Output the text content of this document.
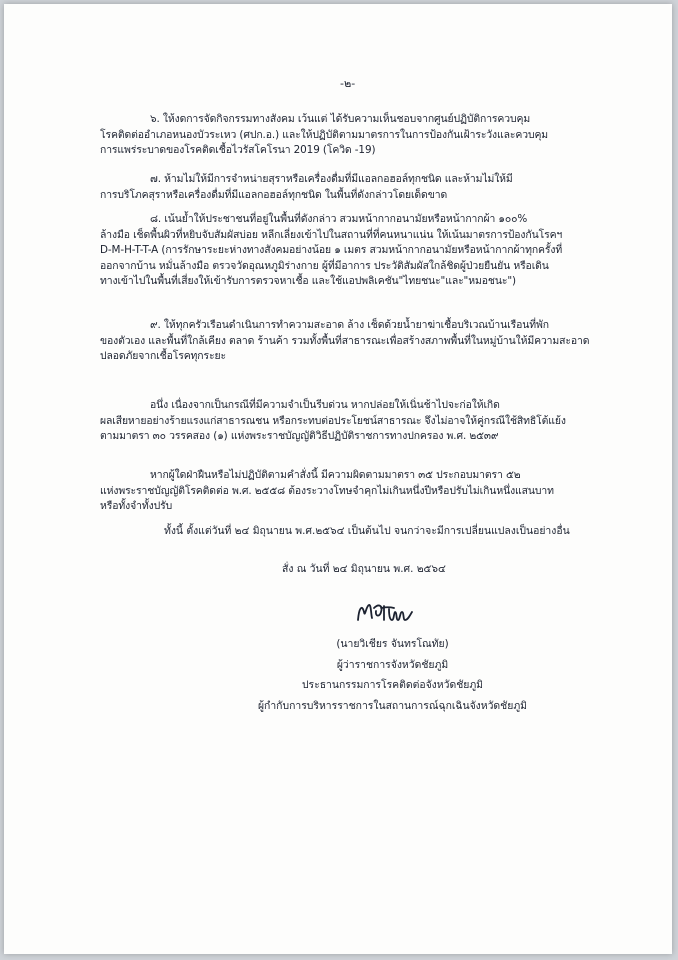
-๒-

๖. ให้งดการจัดกิจกรรมทางสังคม เว้นแต่ ได้รับความเห็นชอบจากศูนย์ปฏิบัติการควบคุม

โรคติดต่ออำเภอหนองบัวระเหว (ศปก.อ.) และให้ปฏิบัติตามมาตรการในการป้องกันเฝ้าระวังและควบคุม

การแพร่ระบาดของโรคติดเชื้อไวรัสโคโรนา 2019 (โควิด -19)

๗. ห้ามไม่ให้มีการจำหน่ายสุราหรือเครื่องดื่มที่มีแอลกอฮอล์ทุกชนิด และห้ามไม่ให้มี

การบริโภคสุราหรือเครื่องดื่มที่มีแอลกอฮอล์ทุกชนิด ในพื้นที่ดังกล่าวโดยเด็ดขาด

๘. เน้นย้ำให้ประชาชนที่อยู่ในพื้นที่ดังกล่าว สวมหน้ากากอนามัยหรือหน้ากากผ้า ๑๐๐%

ล้างมือ เช็ดพื้นผิวที่หยิบจับสัมผัสบ่อย หลีกเลี่ยงเข้าไปในสถานที่ที่คนหนาแน่น ให้เน้นมาตรการป้องกันโรคฯ

D-M-H-T-T-A (การรักษาระยะห่างทางสังคมอย่างน้อย ๑ เมตร สวมหน้ากากอนามัยหรือหน้ากากผ้าทุกครั้งที่

ออกจากบ้าน หมั่นล้างมือ ตรวจวัดอุณหภูมิร่างกาย ผู้ที่มีอาการ ประวัติสัมผัสใกล้ชิดผู้ป่วยยืนยัน หรือเดิน

ทางเข้าไปในพื้นที่เสี่ยงให้เข้ารับการตรวจหาเชื้อ และใช้แอปพลิเคชัน"ไทยชนะ"และ"หมอชนะ")

๙. ให้ทุกครัวเรือนดำเนินการทำความสะอาด ล้าง เช็ดด้วยน้ำยาฆ่าเชื้อบริเวณบ้านเรือนที่พัก

ของตัวเอง และพื้นที่ใกล้เคียง ตลาด ร้านค้า รวมทั้งพื้นที่สาธารณะเพื่อสร้างสภาพพื้นที่ในหมู่บ้านให้มีความสะอาด

ปลอดภัยจากเชื้อโรคทุกระยะ

อนึ่ง เนื่องจากเป็นกรณีที่มีความจำเป็นรีบด่วน หากปล่อยให้เนิ่นช้าไปจะก่อให้เกิด

ผลเสียหายอย่างร้ายแรงแก่สาธารณชน หรือกระทบต่อประโยชน์สาธารณะ จึงไม่อาจให้คู่กรณีใช้สิทธิโต้แย้ง

ตามมาตรา ๓๐ วรรคสอง (๑) แห่งพระราชบัญญัติวิธีปฏิบัติราชการทางปกครอง พ.ศ. ๒๕๓๙

หากผู้ใดฝ่าฝืนหรือไม่ปฏิบัติตามคำสั่งนี้ มีความผิดตามมาตรา ๓๕ ประกอบมาตรา ๕๒

แห่งพระราชบัญญัติโรคติดต่อ พ.ศ. ๒๕๕๘ ต้องระวางโทษจำคุกไม่เกินหนึ่งปีหรือปรับไม่เกินหนึ่งแสนบาท

หรือทั้งจำทั้งปรับ

ทั้งนี้ ตั้งแต่วันที่ ๒๔ มิถุนายน พ.ศ.๒๕๖๔ เป็นต้นไป จนกว่าจะมีการเปลี่ยนแปลงเป็นอย่างอื่น

สั่ง ณ วันที่ ๒๔ มิถุนายน พ.ศ. ๒๕๖๔

(นายวิเชียร จันทรโณทัย)

ผู้ว่าราชการจังหวัดชัยภูมิ

ประธานกรรมการโรคติดต่อจังหวัดชัยภูมิ

ผู้กำกับการบริหารราชการในสถานการณ์ฉุกเฉินจังหวัดชัยภูมิ
